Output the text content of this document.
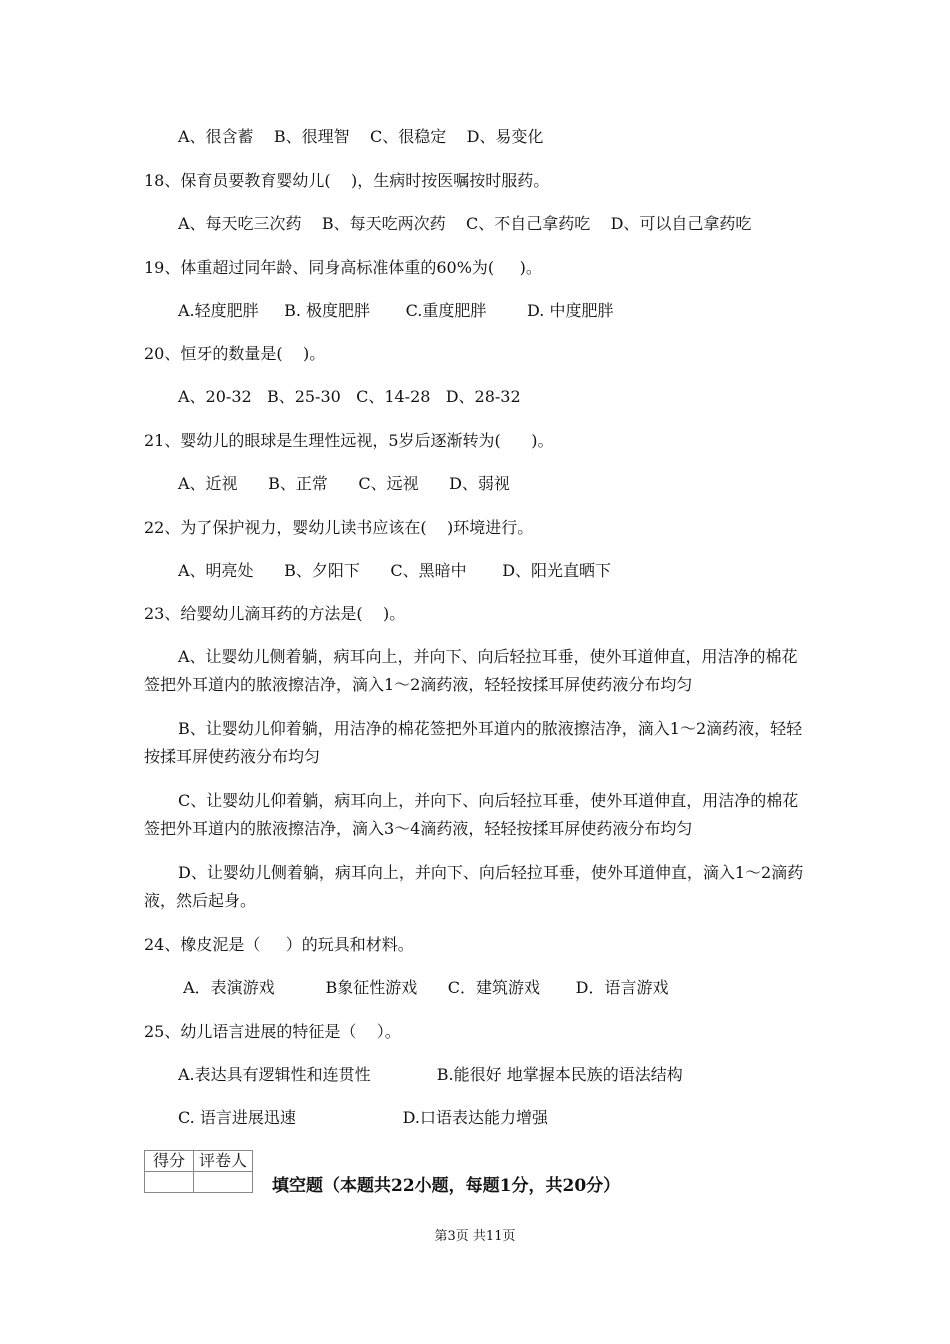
A、很含蓄    B、很理智    C、很稳定    D、易变化
18、保育员要教育婴幼儿(    )，生病时按医嘱按时服药。
A、每天吃三次药    B、每天吃两次药    C、不自己拿药吃    D、可以自己拿药吃
19、体重超过同年龄、同身高标准体重的60%为(     )。
A.轻度肥胖     B. 极度肥胖       C.重度肥胖        D. 中度肥胖
20、恒牙的数量是(    )。
A、20-32   B、25-30   C、14-28   D、28-32
21、婴幼儿的眼球是生理性远视，5岁后逐渐转为(      )。
A、近视      B、正常      C、远视      D、弱视
22、为了保护视力，婴幼儿读书应该在(    )环境进行。
A、明亮处      B、夕阳下      C、黑暗中       D、阳光直晒下
23、给婴幼儿滴耳药的方法是(    )。
A、让婴幼儿侧着躺，病耳向上，并向下、向后轻拉耳垂，使外耳道伸直，用洁净的棉花签把外耳道内的脓液擦洁净，滴入1～2滴药液，轻轻按揉耳屏使药液分布均匀
B、让婴幼儿仰着躺，用洁净的棉花签把外耳道内的脓液擦洁净，滴入1～2滴药液，轻轻按揉耳屏使药液分布均匀
C、让婴幼儿仰着躺，病耳向上，并向下、向后轻拉耳垂，使外耳道伸直，用洁净的棉花签把外耳道内的脓液擦洁净，滴入3～4滴药液，轻轻按揉耳屏使药液分布均匀
D、让婴幼儿侧着躺，病耳向上，并向下、向后轻拉耳垂，使外耳道伸直，滴入1～2滴药液，然后起身。
24、橡皮泥是（     ）的玩具和材料。
A．表演游戏          B象征性游戏      C．建筑游戏       D．语言游戏
25、幼儿语言进展的特征是（    ）。
A.表达具有逻辑性和连贯性             B.能很好 地掌握本民族的语法结构
C. 语言进展迅速                     D.口语表达能力增强
得分	评卷人

填空题（本题共22小题，每题1分，共20分）
第3页 共11页
